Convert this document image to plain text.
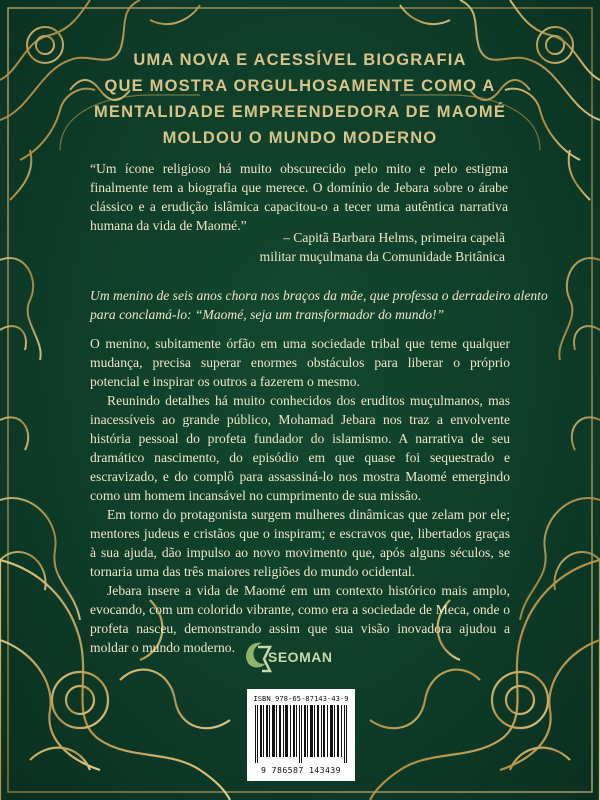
UMA NOVA E ACESSÍVEL BIOGRAFIA
QUE MOSTRA ORGULHOSAMENTE COMO A
MENTALIDADE EMPREENDEDORA DE MAOMÉ
MOLDOU O MUNDO MODERNO
“Um ícone religioso há muito obscurecido pelo mito e pelo estigma finalmente tem a biografia que merece. O domínio de Jebara sobre o árabe clássico e a erudição islâmica capacitou-o a tecer uma autêntica narrativa humana da vida de Maomé.”
– Capitã Barbara Helms, primeira capelã
militar muçulmana da Comunidade Britânica
Um menino de seis anos chora nos braços da mãe, que professa o derradeiro alento
para conclamá-lo: “Maomé, seja um transformador do mundo!”

O menino, subitamente órfão em uma sociedade tribal que teme qualquer mudança, precisa superar enormes obstáculos para liberar o próprio potencial e inspirar os outros a fazerem o mesmo.

Reunindo detalhes há muito conhecidos dos eruditos muçulmanos, mas inacessíveis ao grande público, Mohamad Jebara nos traz a envolvente história pessoal do profeta fundador do islamismo. A narrativa de seu dramático nascimento, do episódio em que quase foi sequestrado e escravizado, e do complô para assassiná-lo nos mostra Maomé emergindo como um homem incansável no cumprimento de sua missão.

Em torno do protagonista surgem mulheres dinâmicas que zelam por ele; mentores judeus e cristãos que o inspiram; e escravos que, libertados graças à sua ajuda, dão impulso ao novo movimento que, após alguns séculos, se tornaria uma das três maiores religiões do mundo ocidental.

Jebara insere a vida de Maomé em um contexto histórico mais amplo, evocando, com um colorido vibrante, como era a sociedade de Meca, onde o profeta nasceu, demonstrando assim que sua visão inovadora ajudou a moldar o mundo moderno.

SEOMAN
ISBN 978-65-87143-43-9
9 786587 143439
